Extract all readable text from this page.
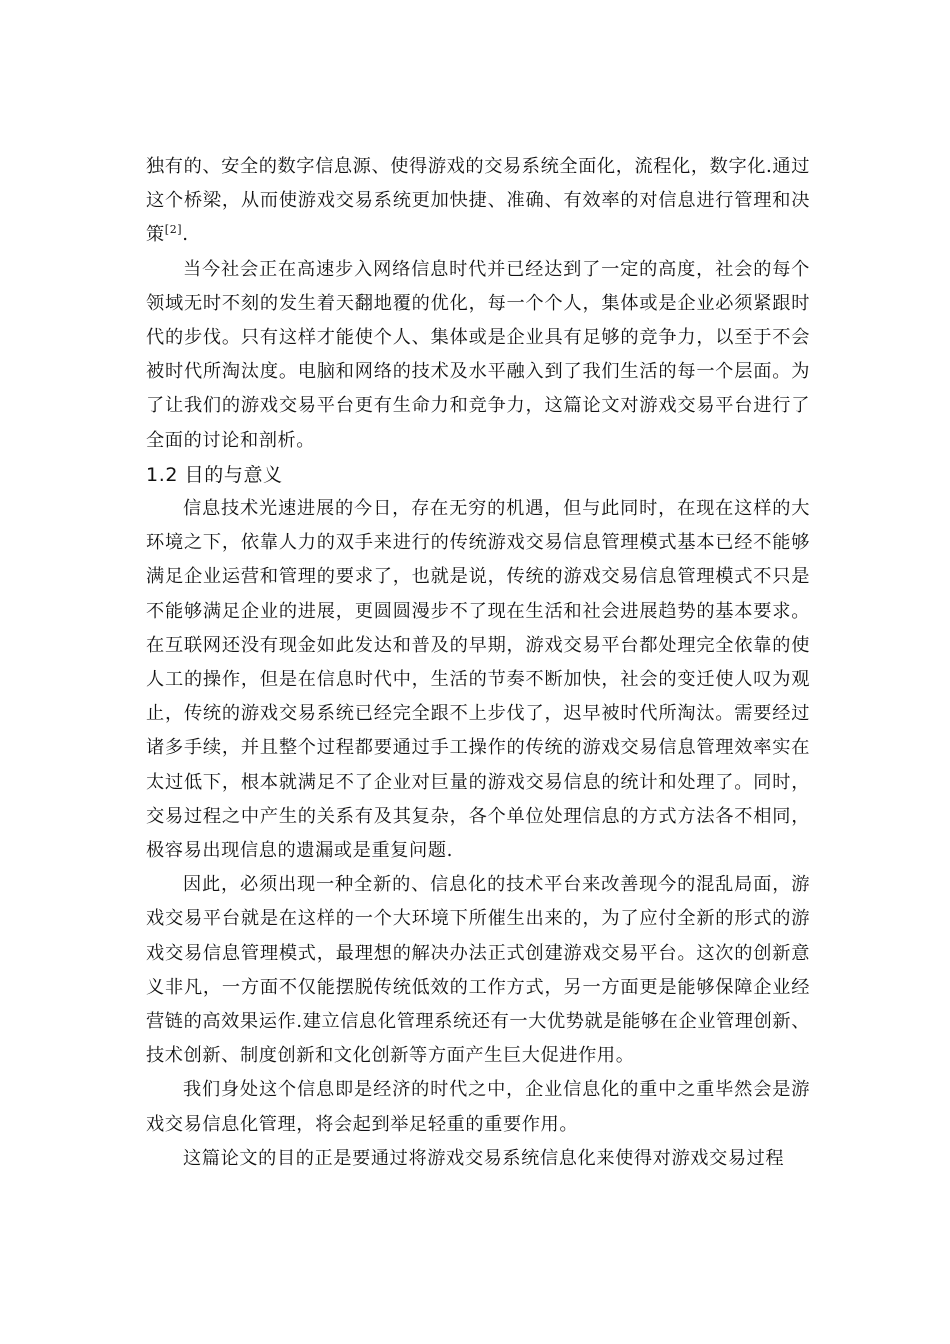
独有的、安全的数字信息源、使得游戏的交易系统全面化，流程化，数字化.通过这个桥梁，从而使游戏交易系统更加快捷、准确、有效率的对信息进行管理和决策[2].

当今社会正在高速步入网络信息时代并已经达到了一定的高度，社会的每个领域无时不刻的发生着天翻地覆的优化，每一个个人，集体或是企业必须紧跟时代的步伐。只有这样才能使个人、集体或是企业具有足够的竞争力，以至于不会被时代所淘汰度。电脑和网络的技术及水平融入到了我们生活的每一个层面。为了让我们的游戏交易平台更有生命力和竞争力，这篇论文对游戏交易平台进行了全面的讨论和剖析。

1.2 目的与意义

信息技术光速进展的今日，存在无穷的机遇，但与此同时，在现在这样的大环境之下，依靠人力的双手来进行的传统游戏交易信息管理模式基本已经不能够满足企业运营和管理的要求了，也就是说，传统的游戏交易信息管理模式不只是不能够满足企业的进展，更圆圆漫步不了现在生活和社会进展趋势的基本要求。在互联网还没有现金如此发达和普及的早期，游戏交易平台都处理完全依靠的使人工的操作，但是在信息时代中，生活的节奏不断加快，社会的变迁使人叹为观止，传统的游戏交易系统已经完全跟不上步伐了，迟早被时代所淘汰。需要经过诸多手续，并且整个过程都要通过手工操作的传统的游戏交易信息管理效率实在太过低下，根本就满足不了企业对巨量的游戏交易信息的统计和处理了。同时，交易过程之中产生的关系有及其复杂，各个单位处理信息的方式方法各不相同，极容易出现信息的遗漏或是重复问题.

因此，必须出现一种全新的、信息化的技术平台来改善现今的混乱局面，游戏交易平台就是在这样的一个大环境下所催生出来的，为了应付全新的形式的游戏交易信息管理模式，最理想的解决办法正式创建游戏交易平台。这次的创新意义非凡，一方面不仅能摆脱传统低效的工作方式，另一方面更是能够保障企业经营链的高效果运作.建立信息化管理系统还有一大优势就是能够在企业管理创新、技术创新、制度创新和文化创新等方面产生巨大促进作用。

我们身处这个信息即是经济的时代之中，企业信息化的重中之重毕然会是游戏交易信息化管理，将会起到举足轻重的重要作用。

这篇论文的目的正是要通过将游戏交易系统信息化来使得对游戏交易过程
